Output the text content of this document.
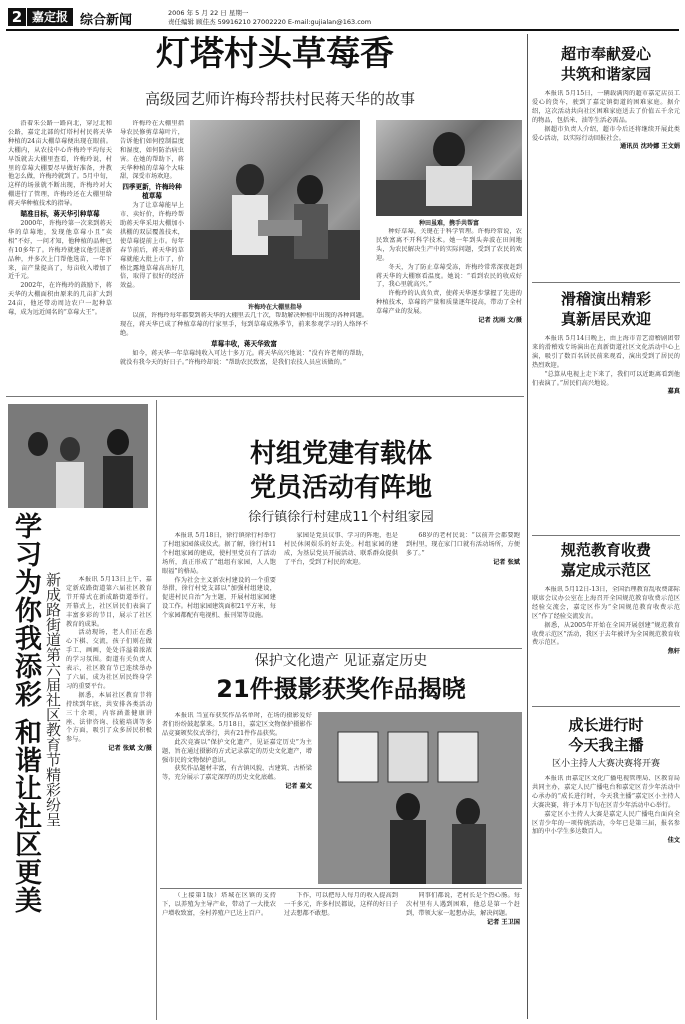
2 嘉定报 综合新闻	2006 年 5 月 22 日 星期一
责任编辑 顾佳杰 59916210 27002220 E-mail:gujialan@163.com
灯塔村头草莓香
高级园艺师许梅玲帮扶村民蒋天华的故事

沿着朱公路一路向北，穿过北和公路，嘉定北部的灯塔村村民蒋天华种植的24亩大棚草莓便出现在眼前。大棚内，从农技中心许梅玲平均每天早饭就去大棚里查看，许梅玲说，村里的草莓大棚要尽早做好准备，并教他怎么做，许梅玲就到了。5月中旬，这样的场景就不断出现，许梅玲对大棚进行了管理，许梅玲还在大棚里给蒋天华种植技术的指导。

瞄准目标，蒋天华引种草莓

2000年，许梅玲第一次来到蒋天华的草莓地，发现他草莓小且“卖相”不好，一问才知，他种植的品种已有10多年了。许梅玲就建议他引进新品种，并多次上门帮他选苗，一年下来，亩产量提高了，每亩收入增加了近千元。

2002年，在许梅玲的鼓励下，蒋天华的大棚面积由原来的几亩扩大到24亩，他还带动周边农户一起种草莓，成为远近闻名的“草莓大王”。

许梅玲在大棚里指导

许梅玲在大棚里指导农民修剪草莓叶片，告诉他们如何控制温度和湿度，如何防治病虫害。在她的帮助下，蒋天华种植的草莓个大味甜，深受市场欢迎。

四季更新，许梅玲种植草莓

为了让草莓能早上市、卖好价，许梅玲帮助蒋天华采用大棚加小拱棚的双层覆盖技术，使草莓提前上市。每年春节前后，蒋天华的草莓就能大批上市了，价格比露地草莓高出好几倍，取得了很好的经济效益。

以前，许梅玲每年都要到蒋天华的大棚里去几十次，帮助解决种植中出现的各种问题。现在，蒋天华已成了种植草莓的行家里手，每到草莓成熟季节，前来参观学习的人络绎不绝。

草莓丰收，蒋天华致富

如今，蒋天华一年草莓纯收入可达十多万元。蒋天华高兴地说：“没有许老师的帮助，就没有我今天的好日子。”许梅玲却说：“帮助农民致富，是我们农技人员应该做的。”

种田虽难，携手共帮富

种好草莓，关键在于科学管理。许梅玲常说，农民致富离不开科学技术。她一年到头奔波在田间地头，为农民解决生产中的实际问题，受到了农民的欢迎。

冬天，为了防止草莓受冻，许梅玲常常深夜赶到蒋天华的大棚察看温度。她说：“看到农民的收成好了，我心里就高兴。”

许梅玲的认真负责，使蒋天华逐步掌握了先进的种植技术，草莓的产量和质量逐年提高，带动了全村草莓产业的发展。

记者 沈雨 文/摄
学习为你我添彩 和谐让社区更美 新成路街道第六届社区教育节精彩纷呈	本报讯 5月13日上午，嘉定新成路街道第六届社区教育节开幕式在新成路街道举行。开幕式上，社区居民们表演了丰富多彩的节目，展示了社区教育的成果。

活动现场，老人们正在悉心下棋、交流，孩子们则在做手工、画画，处处洋溢着浓浓的学习氛围。街道有关负责人表示，社区教育节已连续举办了六届，成为社区居民终身学习的重要平台。

据悉，本届社区教育节将持续到年底，共安排各类活动三十余项，内容涵盖健康讲座、法律咨询、技能培训等多个方面，吸引了众多居民积极参与。

记者 张斌 文/摄
村组党建有载体
党员活动有阵地
徐行镇徐行村建成11个村组家园

本报讯 5月18日，徐行镇徐行村举行了村组家园落成仪式。据了解，徐行村11个村组家园的建成，使村里党员有了活动场所，真正形成了“组组有家园，人人饱眼福”的格局。

作为社会主义新农村建设的一个重要举措，徐行村党支部以“加强村组建设，促进村民自治”为主题，开展村组家园建设工作。村组家园建筑面积21平方米，每个家园都配有电视机、报刊架等设施。

家园是党员议事、学习的阵地，也是村民休闲娱乐的好去处。村组家园的建成，为基层党员开展活动、联系群众提供了平台，受到了村民的欢迎。

68岁的老村民说：“以前开会都要跑到村里，现在家门口就有活动场所，方便多了。”

记者 张斌
保护文化遗产 见证嘉定历史
21件摄影获奖作品揭晓

本报讯 当宣布获奖作品名单时，在场的摄影爱好者们纷纷鼓起掌来。5月18日，嘉定区文物保护摄影作品竞赛颁奖仪式举行，共有21件作品获奖。

此次竞赛以“保护文化遗产，见证嘉定历史”为主题，旨在通过摄影的方式记录嘉定的历史文化遗产，增强市民的文物保护意识。

获奖作品题材丰富，有古镇风貌、古建筑、古桥梁等，充分展示了嘉定深厚的历史文化底蕴。

记者 嘉文

（上接第1版）塔城在区镇的支持下，以养殖为主导产业，带动了一大批农户增收致富，全村养殖户已达上百户。

下作，可以把每人每月的收入提高到一千多元，许多村民都说，这样的好日子过去想都不敢想。

同事们都说，老村长是个热心肠。每次村里有人遇到困难，他总是第一个赶到，带领大家一起想办法，解决问题。

记者 王卫国
超市奉献爱心
共筑和谐家园

本报讯 5月15日，一辆载满肉的超市嘉定店员工爱心的货车，驶到了嘉定镇街道的困难家庭。据介绍，这次活动共向社区困难家庭送去了价值五千余元的物品，包括米、油等生活必需品。

据超市负责人介绍，超市今后还将继续开展此类爱心活动，以实际行动回报社会。

通讯员 沈玲娜 王文娟
滑稽演出精彩
真新居民欢迎

本报讯 5月14日晚上，由上海市青艺滑稽剧团带来的滑稽戏专场演出在真新街道社区文化活动中心上演，吸引了数百名居民前来观看，演出受到了居民的热烈欢迎。

“总算从电视上走下来了，我们可以近距离看到他们表演了。”居民们高兴地说。

嘉真
规范教育收费
嘉定成示范区

本报讯 5月12日-13日，全国治理教育乱收费部际联席会议办公室在上海召开全国规范教育收费示范区经验交流会，嘉定区作为“全国规范教育收费示范区”作了经验交流发言。

据悉，从2005年开始在全国开展创建“规范教育收费示范区”活动，我区于去年被评为全国规范教育收费示范区。

焦轩
成长进行时
今天我主播
区小主持人大赛决赛将开赛

本报讯 由嘉定区文化广播电视管理局、区教育局共同主办，嘉定人民广播电台和嘉定区青少年活动中心承办的“成长进行时，今天我主播”嘉定区小主持人大赛决赛，将于本月下旬在区青少年活动中心举行。

嘉定区小主持人大赛是嘉定人民广播电台面向全区青少年的一项传统活动，今年已是第三届，报名参加的中小学生多达数百人。

佳文
